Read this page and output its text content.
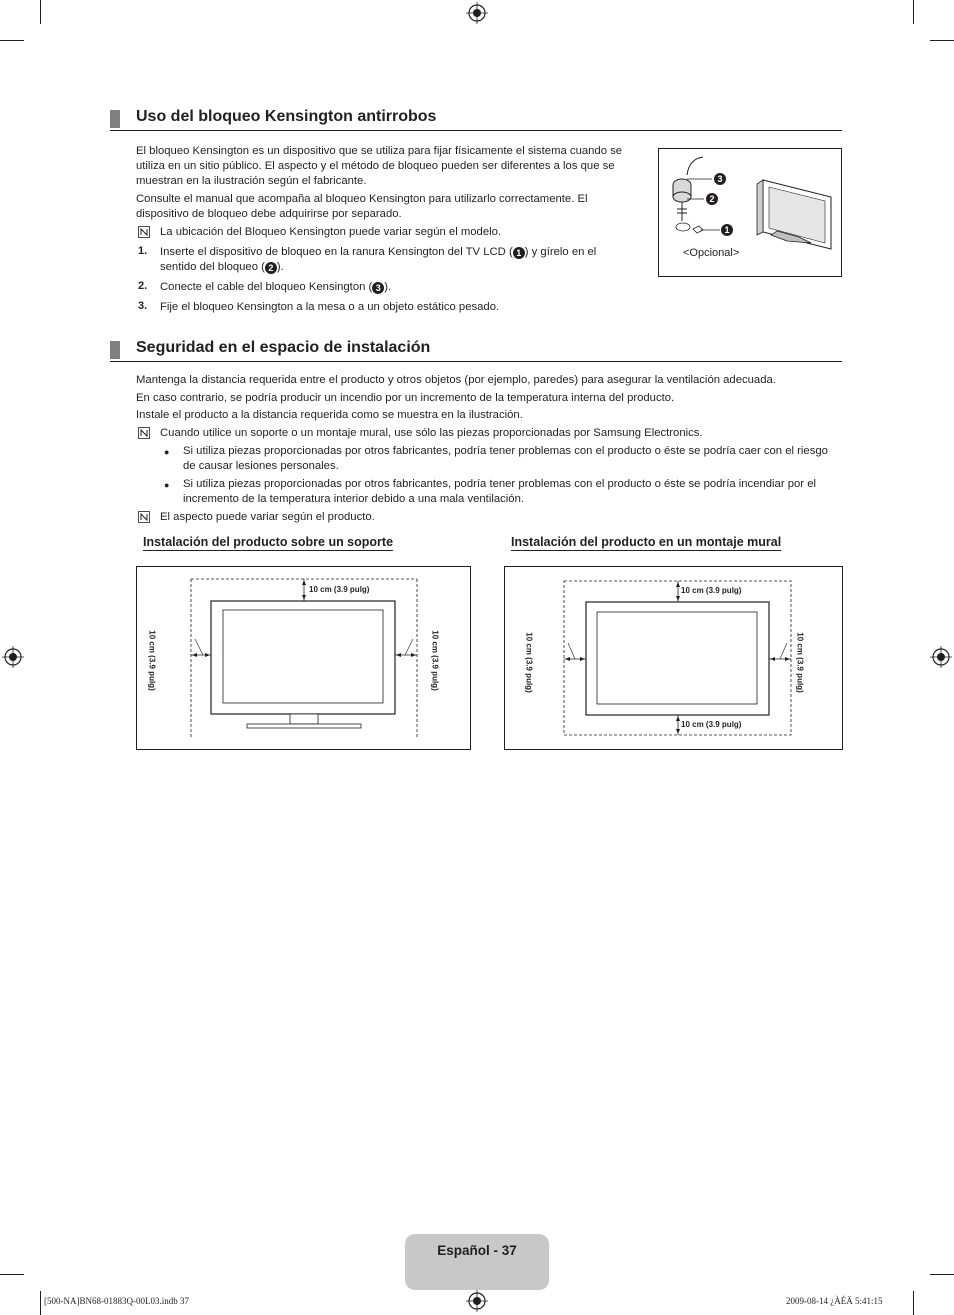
Uso del bloqueo Kensington antirrobos
El bloqueo Kensington es un dispositivo que se utiliza para fijar físicamente el sistema cuando se
utiliza en un sitio público. El aspecto y el método de bloqueo pueden ser diferentes a los que se
muestran en la ilustración según el fabricante.
Consulte el manual que acompaña al bloqueo Kensington para utilizarlo correctamente. El
dispositivo de bloqueo debe adquirirse por separado.
La ubicación del Bloqueo Kensington puede variar según el modelo.
1. Inserte el dispositivo de bloqueo en la ranura Kensington del TV LCD ( 1 ) y gírelo en el
sentido del bloqueo ( 2 ).
2. Conecte el cable del bloqueo Kensington ( 3 ).
3. Fije el bloqueo Kensington a la mesa o a un objeto estático pesado.
3
2
1
<Opcional>
Seguridad en el espacio de instalación
Mantenga la distancia requerida entre el producto y otros objetos (por ejemplo, paredes) para asegurar la ventilación adecuada.
En caso contrario, se podría producir un incendio por un incremento de la temperatura interna del producto.
Instale el producto a la distancia requerida como se muestra en la ilustración.
Cuando utilice un soporte o un montaje mural, use sólo las piezas proporcionadas por Samsung Electronics.
● Si utiliza piezas proporcionadas por otros fabricantes, podría tener problemas con el producto o éste se podría caer con el riesgo
de causar lesiones personales.
● Si utiliza piezas proporcionadas por otros fabricantes, podría tener problemas con el producto o éste se podría incendiar por el
incremento de la temperatura interior debido a una mala ventilación.
El aspecto puede variar según el producto.
Instalación del producto sobre un soporte	Instalación del producto en un montaje mural
10 cm (3.9 pulg)
10 cm (3.9 pulg)	10 cm (3.9 pulg)
10 cm (3.9 pulg)
10 cm (3.9 pulg)
10 cm (3.9 pulg)	10 cm (3.9 pulg)
Español - 37
[500-NA]BN68-01883Q-00L03.indb 37	2009-08-14 ¿ÀÈÄ 5:41:15
